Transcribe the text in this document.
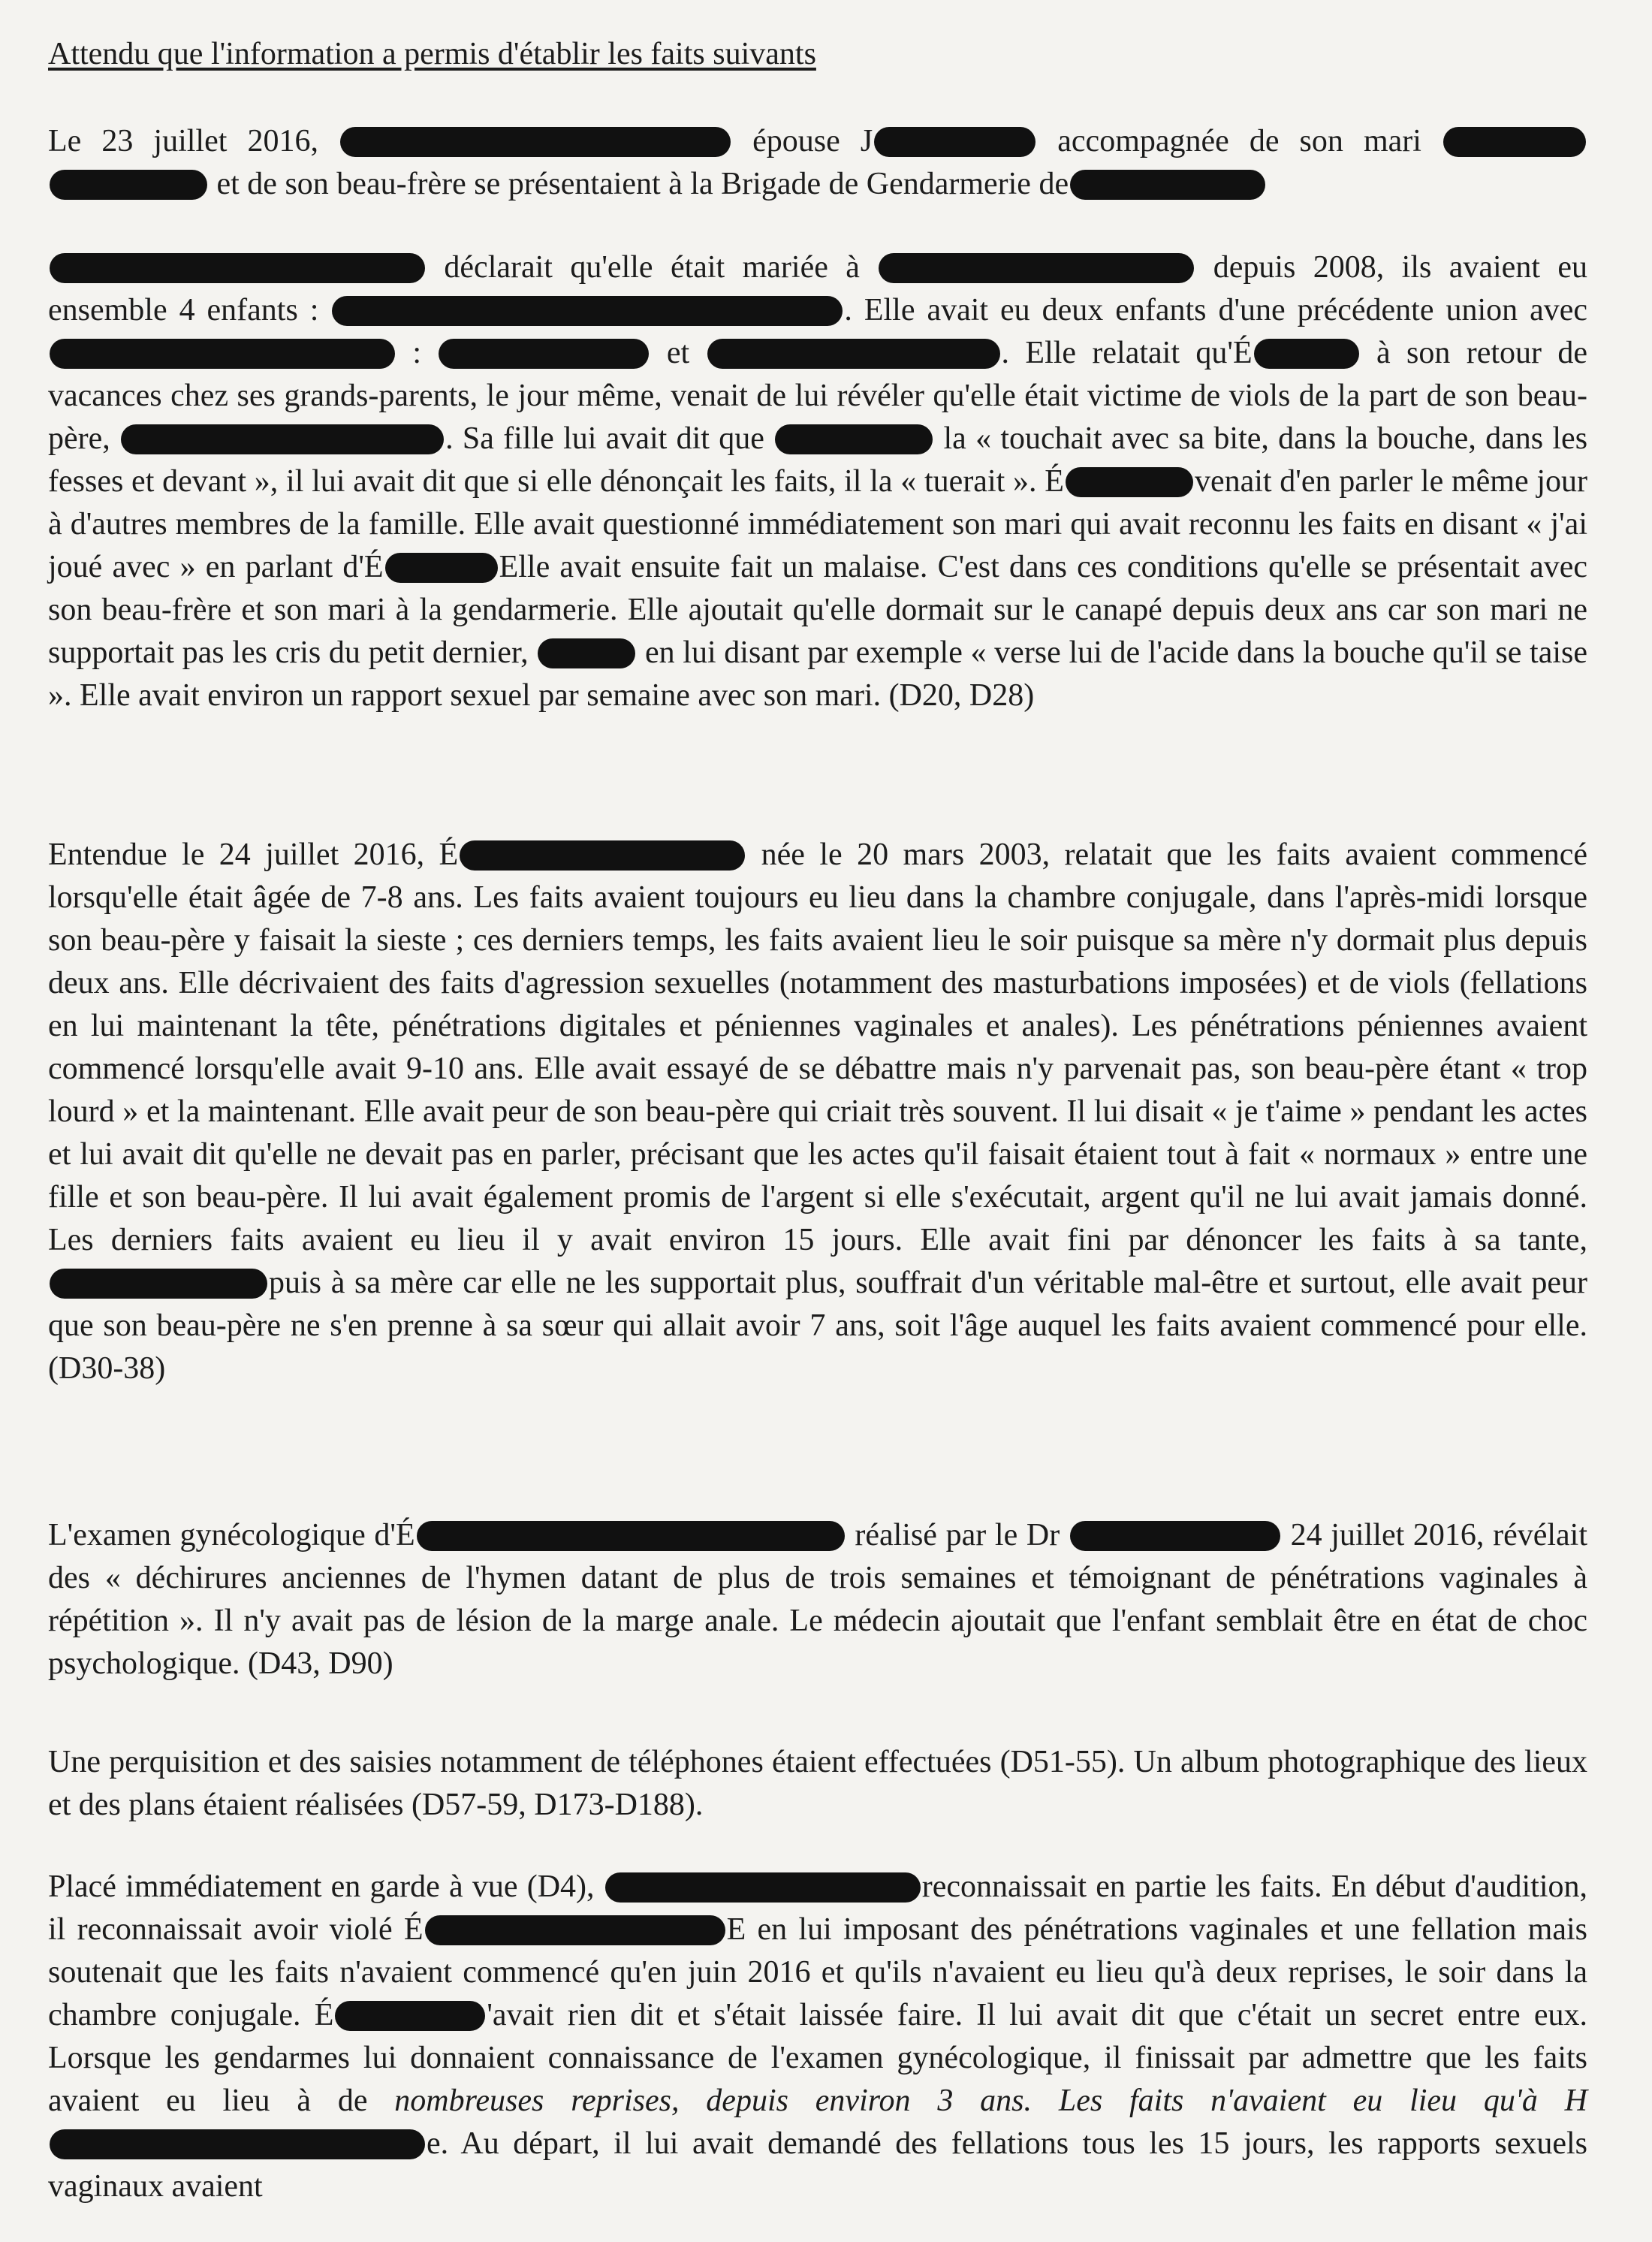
Attendu que l'information a permis d'établir les faits suivants
Le 23 juillet 2016,	épouse J	accompagnée de son mari   et de son beau-frère se présentaient à la Brigade de Gendarmerie de
déclarait qu'elle était mariée à	depuis 2008, ils avaient eu ensemble 4 enfants :	. Elle avait eu deux enfants d'une précédente union avec  :	et	. Elle relatait qu'É	à son retour de vacances chez ses grands-parents, le jour même, venait de lui révéler qu'elle était victime de viols de la part de son beau-père,	. Sa fille lui avait dit que	la « touchait avec sa bite, dans la bouche, dans les fesses et devant », il lui avait dit que si elle dénonçait les faits, il la « tuerait ». É	venait d'en parler le même jour à d'autres membres de la famille. Elle avait questionné immédiatement son mari qui avait reconnu les faits en disant « j'ai joué avec » en parlant d'É	Elle avait ensuite fait un malaise. C'est dans ces conditions qu'elle se présentait avec son beau-frère et son mari à la gendarmerie. Elle ajoutait qu'elle dormait sur le canapé depuis deux ans car son mari ne supportait pas les cris du petit dernier,	en lui disant par exemple « verse lui de l'acide dans la bouche qu'il se taise ». Elle avait environ un rapport sexuel par semaine avec son mari. (D20, D28)
Entendue le 24 juillet 2016, É	née le 20 mars 2003, relatait que les faits avaient commencé lorsqu'elle était âgée de 7-8 ans. Les faits avaient toujours eu lieu dans la chambre conjugale, dans l'après-midi lorsque son beau-père y faisait la sieste ; ces derniers temps, les faits avaient lieu le soir puisque sa mère n'y dormait plus depuis deux ans. Elle décrivaient des faits d'agression sexuelles (notamment des masturbations imposées) et de viols (fellations en lui maintenant la tête, pénétrations digitales et péniennes vaginales et anales). Les pénétrations péniennes avaient commencé lorsqu'elle avait 9-10 ans. Elle avait essayé de se débattre mais n'y parvenait pas, son beau-père étant « trop lourd » et la maintenant. Elle avait peur de son beau-père qui criait très souvent. Il lui disait « je t'aime » pendant les actes et lui avait dit qu'elle ne devait pas en parler, précisant que les actes qu'il faisait étaient tout à fait « normaux » entre une fille et son beau-père. Il lui avait également promis de l'argent si elle s'exécutait, argent qu'il ne lui avait jamais donné. Les derniers faits avaient eu lieu il y avait environ 15 jours. Elle avait fini par dénoncer les faits à sa tante, puis à sa mère car elle ne les supportait plus, souffrait d'un véritable mal-être et surtout, elle avait peur que son beau-père ne s'en prenne à sa sœur qui allait avoir 7 ans, soit l'âge auquel les faits avaient commencé pour elle. (D30-38)
L'examen gynécologique d'É	réalisé par le Dr	24 juillet 2016, révélait des « déchirures anciennes de l'hymen datant de plus de trois semaines et témoignant de pénétrations vaginales à répétition ». Il n'y avait pas de lésion de la marge anale. Le médecin ajoutait que l'enfant semblait être en état de choc psychologique. (D43, D90)
Une perquisition et des saisies notamment de téléphones étaient effectuées (D51-55). Un album photographique des lieux et des plans étaient réalisées (D57-59, D173-D188).
Placé immédiatement en garde à vue (D4),	reconnaissait en partie les faits. En début d'audition, il reconnaissait avoir violé É	E en lui imposant des pénétrations vaginales et une fellation mais soutenait que les faits n'avaient commencé qu'en juin 2016 et qu'ils n'avaient eu lieu qu'à deux reprises, le soir dans la chambre conjugale. É	'avait rien dit et s'était laissée faire. Il lui avait dit que c'était un secret entre eux. Lorsque les gendarmes lui donnaient connaissance de l'examen gynécologique, il finissait par admettre que les faits avaient eu lieu à de nombreuses reprises, depuis environ 3 ans. Les faits n'avaient eu lieu qu'à He. Au départ, il lui avait demandé des fellations tous les 15 jours, les rapports sexuels vaginaux avaient
